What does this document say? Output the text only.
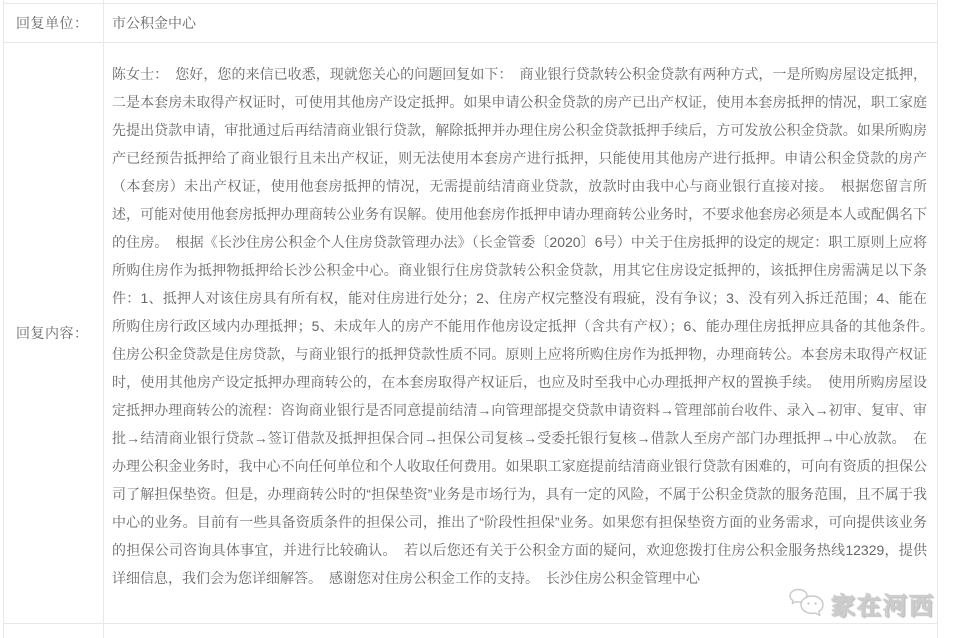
回复单位：	市公积金中心
回复内容：
陈女士：　您好，您的来信已收悉，现就您关心的问题回复如下：　商业银行贷款转公积金贷款有两种方式，一是所购房屋设定抵押，二是本套房未取得产权证时，可使用其他房产设定抵押。如果申请公积金贷款的房产已出产权证，使用本套房抵押的情况，职工家庭先提出贷款申请，审批通过后再结清商业银行贷款，解除抵押并办理住房公积金贷款抵押手续后，方可发放公积金贷款。如果所购房产已经预告抵押给了商业银行且未出产权证，则无法使用本套房产进行抵押，只能使用其他房产进行抵押。申请公积金贷款的房产（本套房）未出产权证，使用他套房抵押的情况，无需提前结清商业贷款，放款时由我中心与商业银行直接对接。　根据您留言所述，可能对使用他套房抵押办理商转公业务有误解。使用他套房作抵押申请办理商转公业务时，不要求他套房必须是本人或配偶名下的住房。　根据《长沙住房公积金个人住房贷款管理办法》（长金管委〔2020〕6号）中关于住房抵押的设定的规定：职工原则上应将所购住房作为抵押物抵押给长沙公积金中心。商业银行住房贷款转公积金贷款，用其它住房设定抵押的，该抵押住房需满足以下条件：1、抵押人对该住房具有所有权，能对住房进行处分；2、住房产权完整没有瑕疵，没有争议；3、没有列入拆迁范围；4、能在所购住房行政区域内办理抵押；5、未成年人的房产不能用作他房设定抵押（含共有产权）；6、能办理住房抵押应具备的其他条件。　住房公积金贷款是住房贷款，与商业银行的抵押贷款性质不同。原则上应将所购住房作为抵押物，办理商转公。本套房未取得产权证时，使用其他房产设定抵押办理商转公的，在本套房取得产权证后，也应及时至我中心办理抵押产权的置换手续。　使用所购房屋设定抵押办理商转公的流程：咨询商业银行是否同意提前结清→向管理部提交贷款申请资料→管理部前台收件、录入→初审、复审、审批→结清商业银行贷款→签订借款及抵押担保合同→担保公司复核→受委托银行复核→借款人至房产部门办理抵押→中心放款。　在办理公积金业务时，我中心不向任何单位和个人收取任何费用。如果职工家庭提前结清商业银行贷款有困难的，可向有资质的担保公司了解担保垫资。但是，办理商转公时的“担保垫资”业务是市场行为，具有一定的风险，不属于公积金贷款的服务范围，且不属于我中心的业务。目前有一些具备资质条件的担保公司，推出了“阶段性担保”业务。如果您有担保垫资方面的业务需求，可向提供该业务的担保公司咨询具体事宜，并进行比较确认。　若以后您还有关于公积金方面的疑问，欢迎您拨打住房公积金服务热线12329，提供详细信息，我们会为您详细解答。　感谢您对住房公积金工作的支持。　长沙住房公积金管理中心
家在河西
